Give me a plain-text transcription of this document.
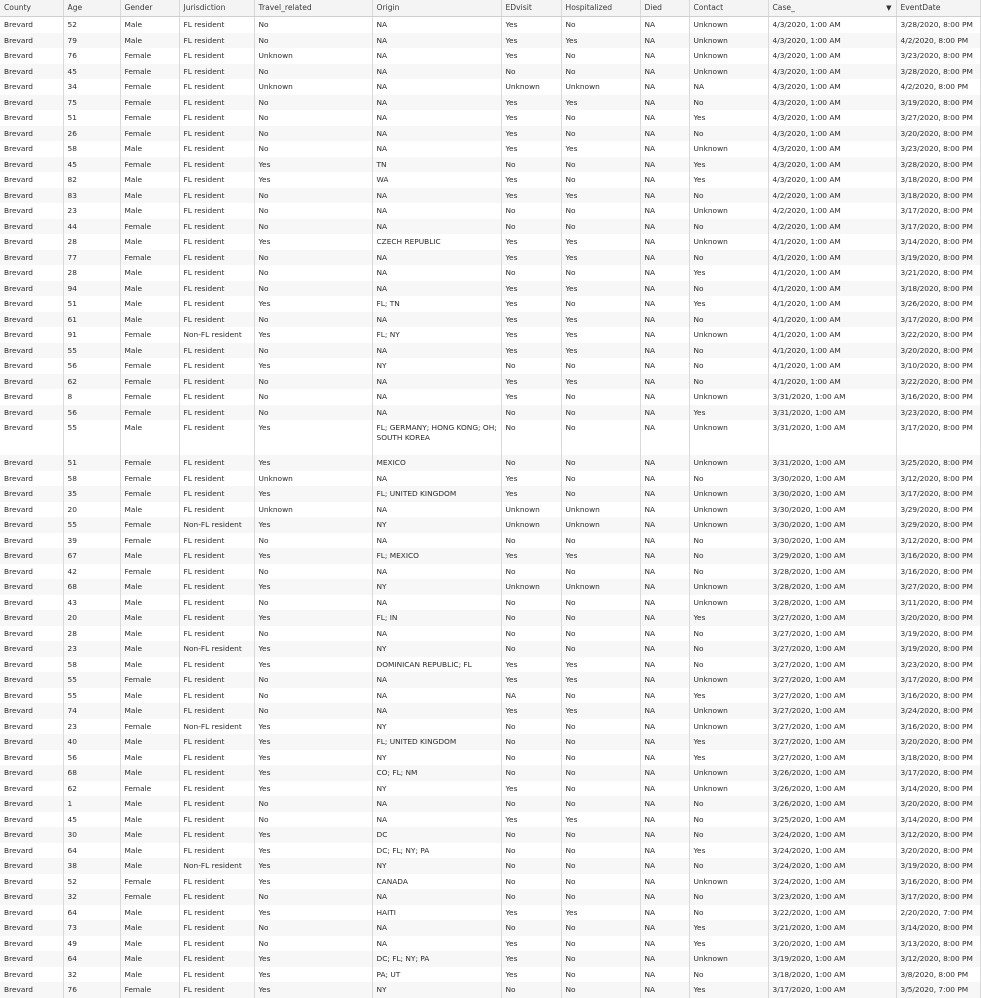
County	Age	Gender	Jurisdiction	Travel_related	Origin	EDvisit	Hospitalized	Died	Contact	Case_ ▼	EventDate
Brevard	52	Male	FL resident	No	NA	Yes	No	NA	Unknown	4/3/2020, 1:00 AM	3/28/2020, 8:00 PM
Brevard	79	Male	FL resident	No	NA	Yes	Yes	NA	Unknown	4/3/2020, 1:00 AM	4/2/2020, 8:00 PM
Brevard	76	Female	FL resident	Unknown	NA	Yes	No	NA	Unknown	4/3/2020, 1:00 AM	3/23/2020, 8:00 PM
Brevard	45	Female	FL resident	No	NA	No	No	NA	Unknown	4/3/2020, 1:00 AM	3/28/2020, 8:00 PM
Brevard	34	Female	FL resident	Unknown	NA	Unknown	Unknown	NA	NA	4/3/2020, 1:00 AM	4/2/2020, 8:00 PM
Brevard	75	Female	FL resident	No	NA	Yes	Yes	NA	No	4/3/2020, 1:00 AM	3/19/2020, 8:00 PM
Brevard	51	Female	FL resident	No	NA	Yes	No	NA	Yes	4/3/2020, 1:00 AM	3/27/2020, 8:00 PM
Brevard	26	Female	FL resident	No	NA	Yes	No	NA	No	4/3/2020, 1:00 AM	3/20/2020, 8:00 PM
Brevard	58	Male	FL resident	No	NA	Yes	Yes	NA	Unknown	4/3/2020, 1:00 AM	3/23/2020, 8:00 PM
Brevard	45	Female	FL resident	Yes	TN	No	No	NA	Yes	4/3/2020, 1:00 AM	3/28/2020, 8:00 PM
Brevard	82	Male	FL resident	Yes	WA	Yes	No	NA	Yes	4/3/2020, 1:00 AM	3/18/2020, 8:00 PM
Brevard	83	Male	FL resident	No	NA	Yes	Yes	NA	No	4/2/2020, 1:00 AM	3/18/2020, 8:00 PM
Brevard	23	Male	FL resident	No	NA	No	No	NA	Unknown	4/2/2020, 1:00 AM	3/17/2020, 8:00 PM
Brevard	44	Female	FL resident	No	NA	No	No	NA	No	4/2/2020, 1:00 AM	3/17/2020, 8:00 PM
Brevard	28	Male	FL resident	Yes	CZECH REPUBLIC	Yes	Yes	NA	Unknown	4/1/2020, 1:00 AM	3/14/2020, 8:00 PM
Brevard	77	Female	FL resident	No	NA	Yes	Yes	NA	No	4/1/2020, 1:00 AM	3/19/2020, 8:00 PM
Brevard	28	Male	FL resident	No	NA	No	No	NA	Yes	4/1/2020, 1:00 AM	3/21/2020, 8:00 PM
Brevard	94	Male	FL resident	No	NA	Yes	Yes	NA	No	4/1/2020, 1:00 AM	3/18/2020, 8:00 PM
Brevard	51	Male	FL resident	Yes	FL; TN	Yes	No	NA	Yes	4/1/2020, 1:00 AM	3/26/2020, 8:00 PM
Brevard	61	Male	FL resident	No	NA	Yes	Yes	NA	No	4/1/2020, 1:00 AM	3/17/2020, 8:00 PM
Brevard	91	Female	Non-FL resident	Yes	FL; NY	Yes	Yes	NA	Unknown	4/1/2020, 1:00 AM	3/22/2020, 8:00 PM
Brevard	55	Male	FL resident	No	NA	Yes	Yes	NA	No	4/1/2020, 1:00 AM	3/20/2020, 8:00 PM
Brevard	56	Female	FL resident	Yes	NY	No	No	NA	No	4/1/2020, 1:00 AM	3/10/2020, 8:00 PM
Brevard	62	Female	FL resident	No	NA	Yes	Yes	NA	No	4/1/2020, 1:00 AM	3/22/2020, 8:00 PM
Brevard	8	Female	FL resident	No	NA	Yes	No	NA	Unknown	3/31/2020, 1:00 AM	3/16/2020, 8:00 PM
Brevard	56	Female	FL resident	No	NA	No	No	NA	Yes	3/31/2020, 1:00 AM	3/23/2020, 8:00 PM
Brevard	55	Male	FL resident	Yes	FL; GERMANY; HONG KONG; OH; SOUTH KOREA	No	No	NA	Unknown	3/31/2020, 1:00 AM	3/17/2020, 8:00 PM
Brevard	51	Female	FL resident	Yes	MEXICO	No	No	NA	Unknown	3/31/2020, 1:00 AM	3/25/2020, 8:00 PM
Brevard	58	Female	FL resident	Unknown	NA	Yes	No	NA	No	3/30/2020, 1:00 AM	3/12/2020, 8:00 PM
Brevard	35	Female	FL resident	Yes	FL; UNITED KINGDOM	Yes	No	NA	Unknown	3/30/2020, 1:00 AM	3/17/2020, 8:00 PM
Brevard	20	Male	FL resident	Unknown	NA	Unknown	Unknown	NA	Unknown	3/30/2020, 1:00 AM	3/29/2020, 8:00 PM
Brevard	55	Female	Non-FL resident	Yes	NY	Unknown	Unknown	NA	Unknown	3/30/2020, 1:00 AM	3/29/2020, 8:00 PM
Brevard	39	Female	FL resident	No	NA	No	No	NA	No	3/30/2020, 1:00 AM	3/12/2020, 8:00 PM
Brevard	67	Male	FL resident	Yes	FL; MEXICO	Yes	Yes	NA	No	3/29/2020, 1:00 AM	3/16/2020, 8:00 PM
Brevard	42	Female	FL resident	No	NA	No	No	NA	No	3/28/2020, 1:00 AM	3/16/2020, 8:00 PM
Brevard	68	Male	FL resident	Yes	NY	Unknown	Unknown	NA	Unknown	3/28/2020, 1:00 AM	3/27/2020, 8:00 PM
Brevard	43	Male	FL resident	No	NA	No	No	NA	Unknown	3/28/2020, 1:00 AM	3/11/2020, 8:00 PM
Brevard	20	Male	FL resident	Yes	FL; IN	No	No	NA	Yes	3/27/2020, 1:00 AM	3/20/2020, 8:00 PM
Brevard	28	Male	FL resident	No	NA	No	No	NA	No	3/27/2020, 1:00 AM	3/19/2020, 8:00 PM
Brevard	23	Male	Non-FL resident	Yes	NY	No	No	NA	No	3/27/2020, 1:00 AM	3/19/2020, 8:00 PM
Brevard	58	Male	FL resident	Yes	DOMINICAN REPUBLIC; FL	Yes	Yes	NA	No	3/27/2020, 1:00 AM	3/23/2020, 8:00 PM
Brevard	55	Female	FL resident	No	NA	Yes	Yes	NA	Unknown	3/27/2020, 1:00 AM	3/17/2020, 8:00 PM
Brevard	55	Male	FL resident	No	NA	NA	No	NA	Yes	3/27/2020, 1:00 AM	3/16/2020, 8:00 PM
Brevard	74	Male	FL resident	No	NA	Yes	Yes	NA	Unknown	3/27/2020, 1:00 AM	3/24/2020, 8:00 PM
Brevard	23	Female	Non-FL resident	Yes	NY	No	No	NA	Unknown	3/27/2020, 1:00 AM	3/16/2020, 8:00 PM
Brevard	40	Male	FL resident	Yes	FL; UNITED KINGDOM	No	No	NA	Yes	3/27/2020, 1:00 AM	3/20/2020, 8:00 PM
Brevard	56	Male	FL resident	Yes	NY	No	No	NA	Yes	3/27/2020, 1:00 AM	3/18/2020, 8:00 PM
Brevard	68	Male	FL resident	Yes	CO; FL; NM	No	No	NA	Unknown	3/26/2020, 1:00 AM	3/17/2020, 8:00 PM
Brevard	62	Female	FL resident	Yes	NY	Yes	No	NA	Unknown	3/26/2020, 1:00 AM	3/14/2020, 8:00 PM
Brevard	1	Male	FL resident	No	NA	No	No	NA	No	3/26/2020, 1:00 AM	3/20/2020, 8:00 PM
Brevard	45	Male	FL resident	No	NA	Yes	Yes	NA	No	3/25/2020, 1:00 AM	3/14/2020, 8:00 PM
Brevard	30	Male	FL resident	Yes	DC	No	No	NA	No	3/24/2020, 1:00 AM	3/12/2020, 8:00 PM
Brevard	64	Male	FL resident	Yes	DC; FL; NY; PA	No	No	NA	Yes	3/24/2020, 1:00 AM	3/20/2020, 8:00 PM
Brevard	38	Male	Non-FL resident	Yes	NY	No	No	NA	No	3/24/2020, 1:00 AM	3/19/2020, 8:00 PM
Brevard	52	Female	FL resident	Yes	CANADA	No	No	NA	Unknown	3/24/2020, 1:00 AM	3/16/2020, 8:00 PM
Brevard	32	Female	FL resident	No	NA	No	No	NA	No	3/23/2020, 1:00 AM	3/17/2020, 8:00 PM
Brevard	64	Male	FL resident	Yes	HAITI	Yes	Yes	NA	No	3/22/2020, 1:00 AM	2/20/2020, 7:00 PM
Brevard	73	Male	FL resident	No	NA	No	No	NA	Yes	3/21/2020, 1:00 AM	3/14/2020, 8:00 PM
Brevard	49	Male	FL resident	No	NA	Yes	No	NA	Yes	3/20/2020, 1:00 AM	3/13/2020, 8:00 PM
Brevard	64	Male	FL resident	Yes	DC; FL; NY; PA	Yes	No	NA	Unknown	3/19/2020, 1:00 AM	3/12/2020, 8:00 PM
Brevard	32	Male	FL resident	Yes	PA; UT	Yes	No	NA	No	3/18/2020, 1:00 AM	3/8/2020, 8:00 PM
Brevard	76	Female	FL resident	Yes	NY	No	No	NA	Yes	3/17/2020, 1:00 AM	3/5/2020, 7:00 PM
